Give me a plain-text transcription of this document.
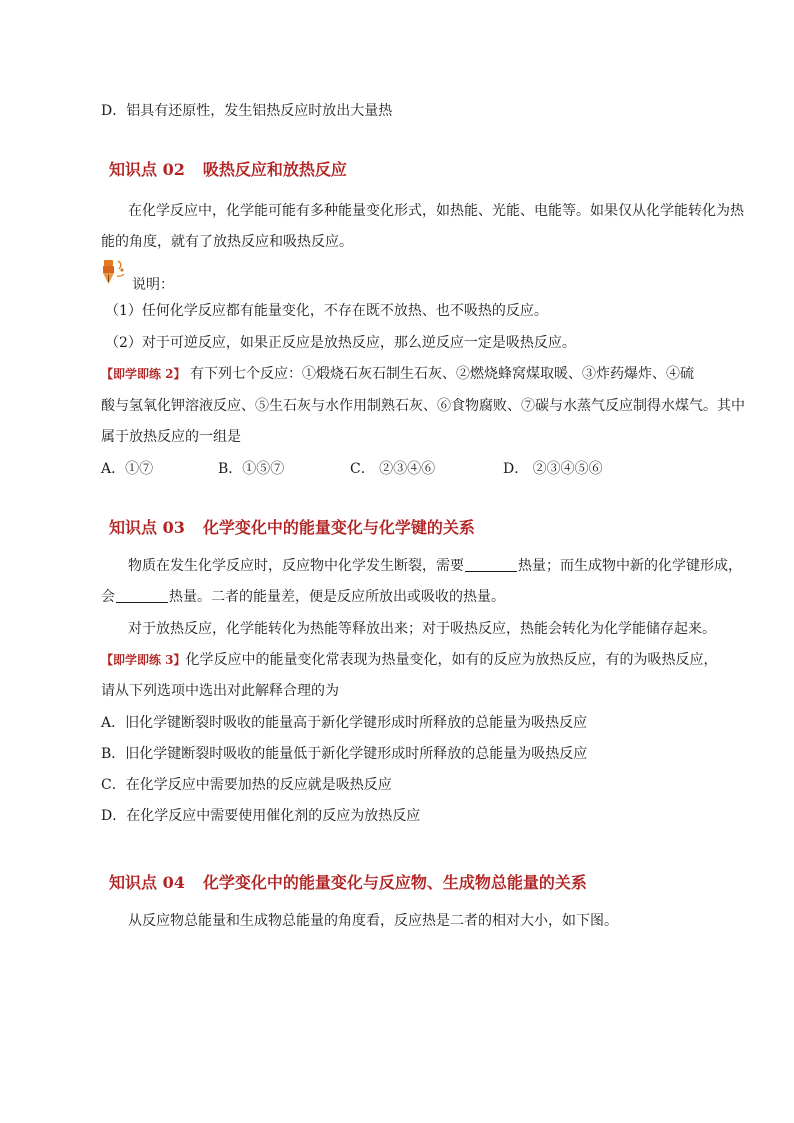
D．铝具有还原性，发生铝热反应时放出大量热
知识点 02 吸热反应和放热反应
在化学反应中，化学能可能有多种能量变化形式，如热能、光能、电能等。如果仅从化学能转化为热
能的角度，就有了放热反应和吸热反应。
说明：
（1）任何化学反应都有能量变化，不存在既不放热、也不吸热的反应。
（2）对于可逆反应，如果正反应是放热反应，那么逆反应一定是吸热反应。
【即学即练 2】 有下列七个反应：①煅烧石灰石制生石灰、②燃烧蜂窝煤取暖、③炸药爆炸、④硫
酸与氢氧化钾溶液反应、⑤生石灰与水作用制熟石灰、⑥食物腐败、⑦碳与水蒸气反应制得水煤气。其中
属于放热反应的一组是
A．①⑦	B．①⑤⑦	C． ②③④⑥	D． ②③④⑤⑥
知识点 03 化学变化中的能量变化与化学键的关系
物质在发生化学反应时，反应物中化学发生断裂，需要	热量；而生成物中新的化学键形成，
会	热量。二者的能量差，便是反应所放出或吸收的热量。
对于放热反应，化学能转化为热能等释放出来；对于吸热反应，热能会转化为化学能储存起来。
【即学即练 3】化学反应中的能量变化常表现为热量变化，如有的反应为放热反应，有的为吸热反应，
请从下列选项中选出对此解释合理的为
A．旧化学键断裂时吸收的能量高于新化学键形成时所释放的总能量为吸热反应
B．旧化学键断裂时吸收的能量低于新化学键形成时所释放的总能量为吸热反应
C．在化学反应中需要加热的反应就是吸热反应
D．在化学反应中需要使用催化剂的反应为放热反应
知识点 04 化学变化中的能量变化与反应物、生成物总能量的关系
从反应物总能量和生成物总能量的角度看，反应热是二者的相对大小，如下图。
